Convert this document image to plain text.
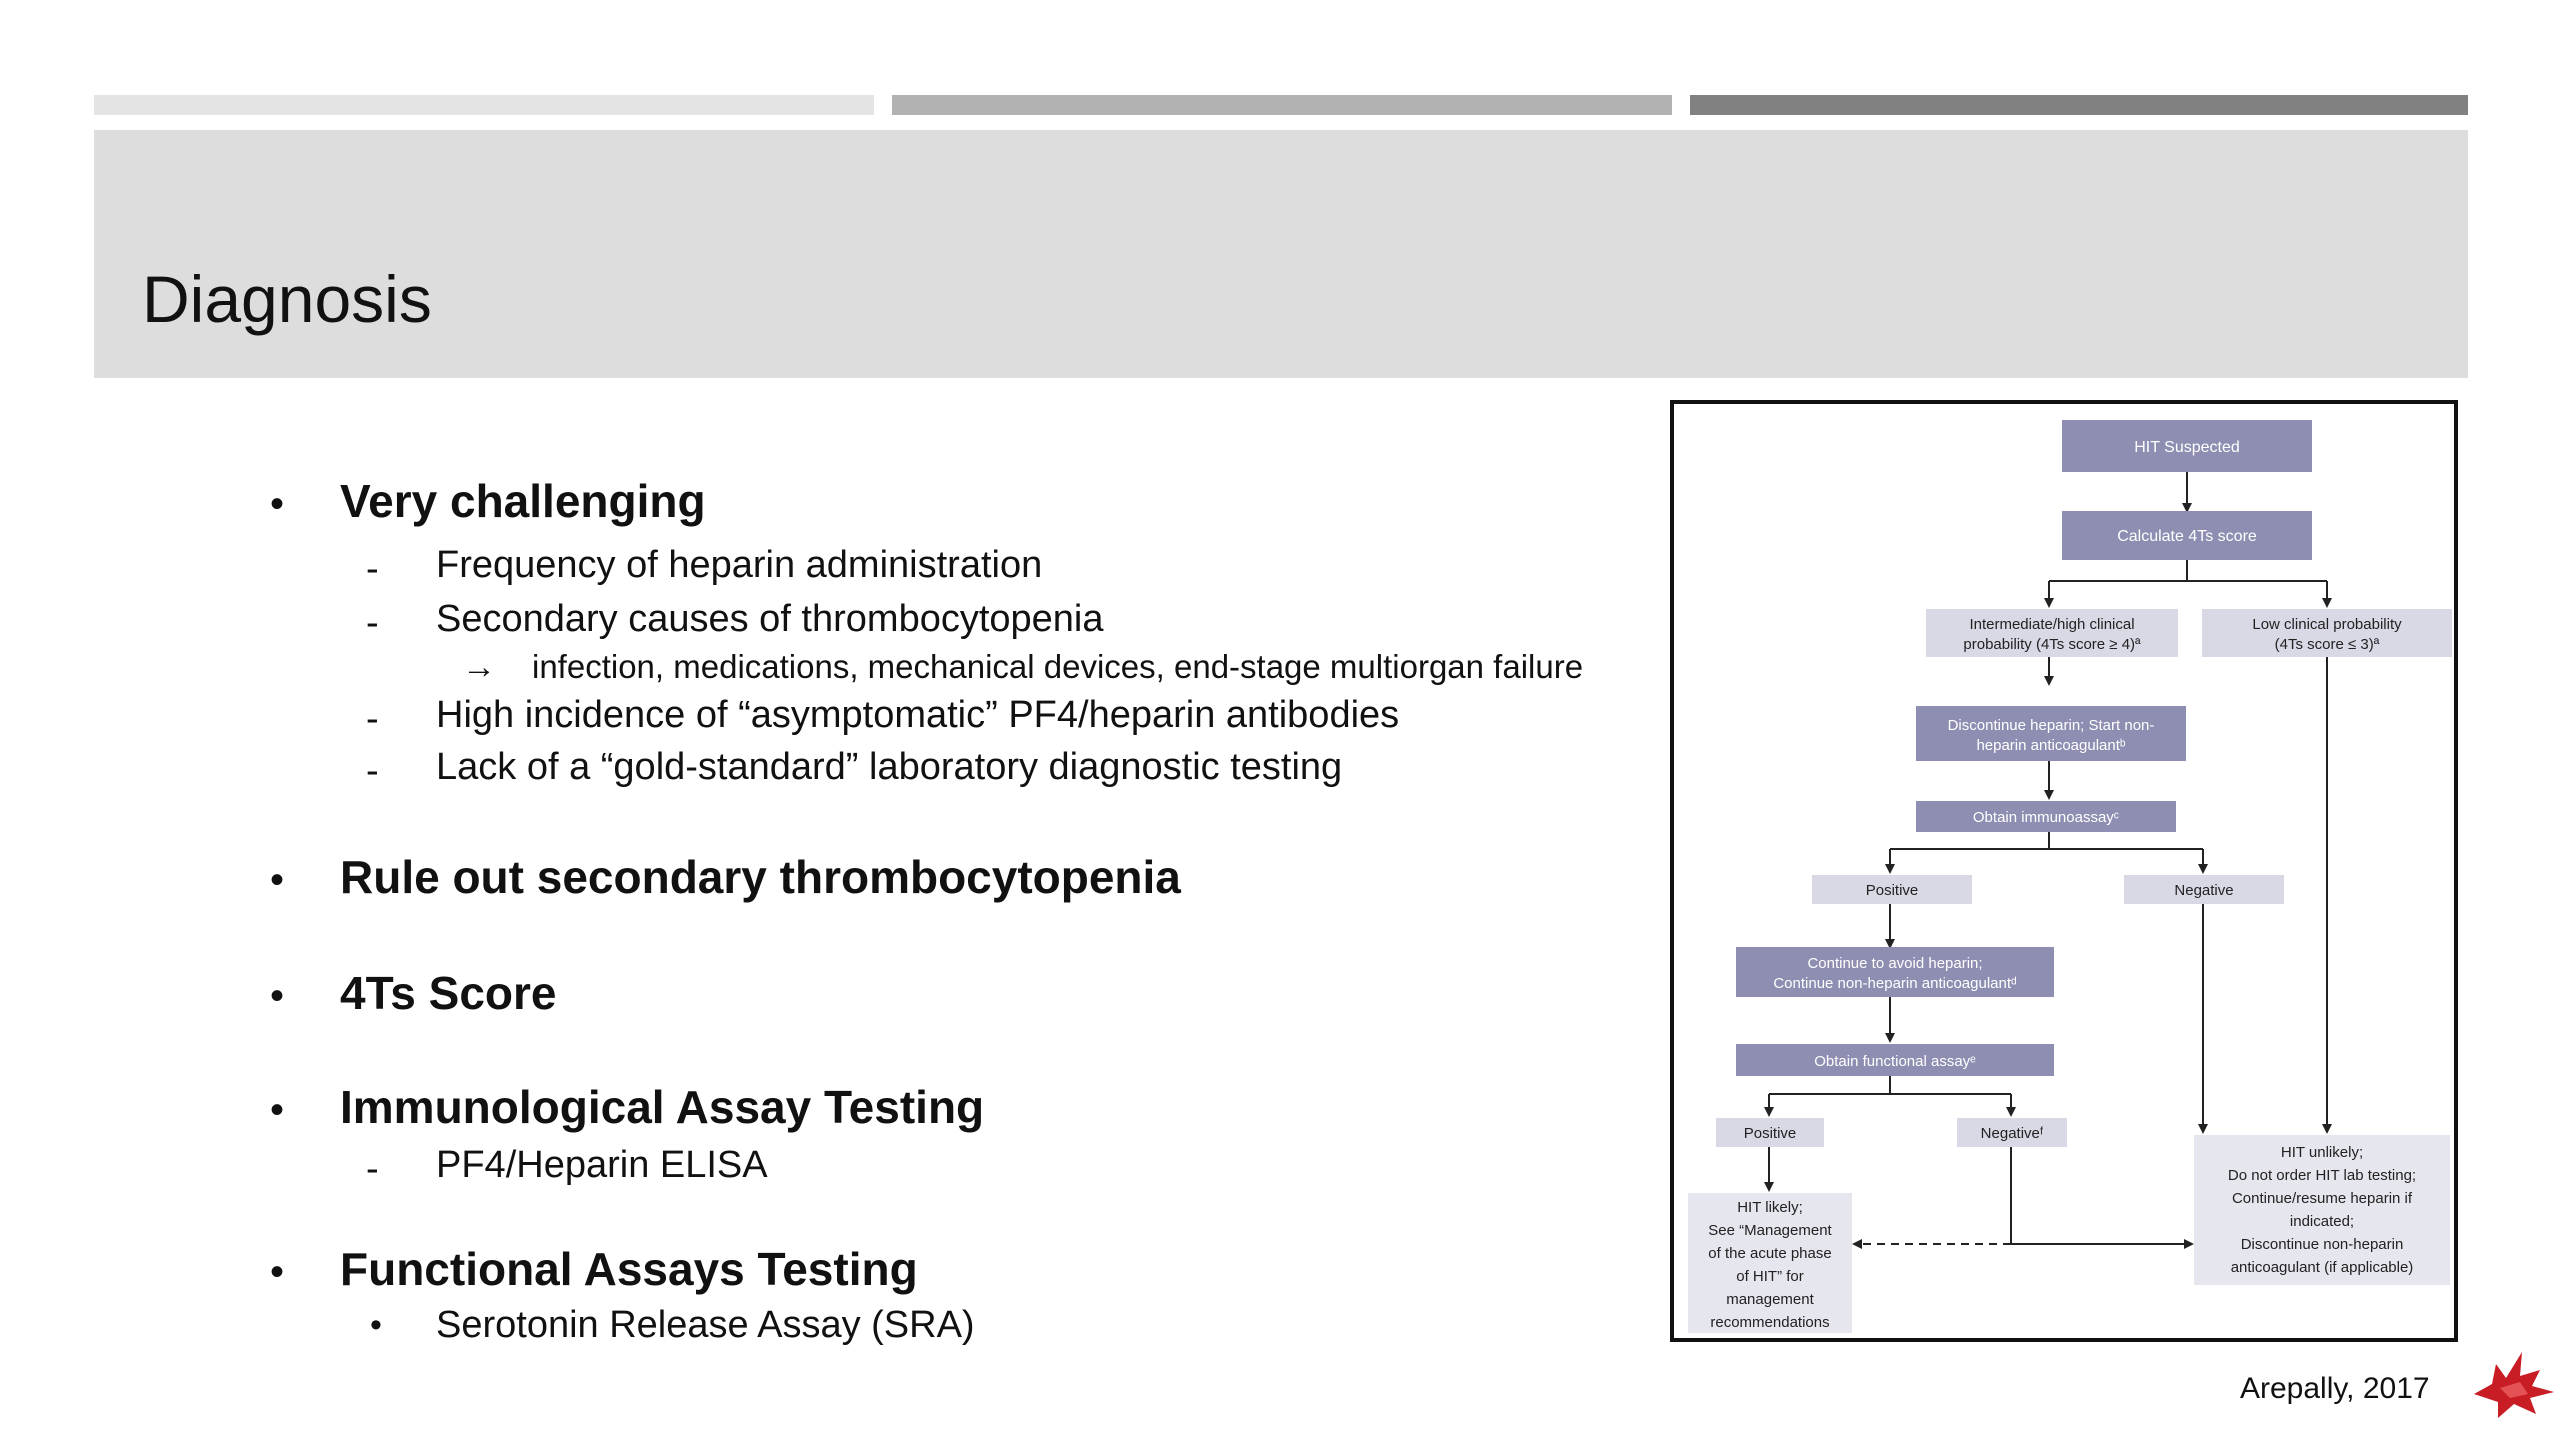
Diagnosis
• Very challenging
- Frequency of heparin administration
- Secondary causes of thrombocytopenia
→ infection, medications, mechanical devices, end-stage multiorgan failure
- High incidence of “asymptomatic” PF4/heparin antibodies
- Lack of a “gold-standard” laboratory diagnostic testing
• Rule out secondary thrombocytopenia
• 4Ts Score
• Immunological Assay Testing
- PF4/Heparin ELISA
• Functional Assays Testing
• Serotonin Release Assay (SRA)
HIT Suspected
Calculate 4Ts score
Discontinue heparin; Start non-
heparin anticoagulantᵇ
Obtain immunoassayᶜ
Continue to avoid heparin;
Continue non-heparin anticoagulantᵈ
Obtain functional assayᵉ
Intermediate/high clinical
probability (4Ts score ≥ 4)ª
Low clinical probability
(4Ts score ≤ 3)ª
Positive	Negative
Positive	Negativeᶠ
HIT likely;
See “Management
of the acute phase
of HIT” for
management
recommendations
HIT unlikely;
Do not order HIT lab testing;
Continue/resume heparin if
indicated;
Discontinue non-heparin
anticoagulant (if applicable)
Arepally, 2017
